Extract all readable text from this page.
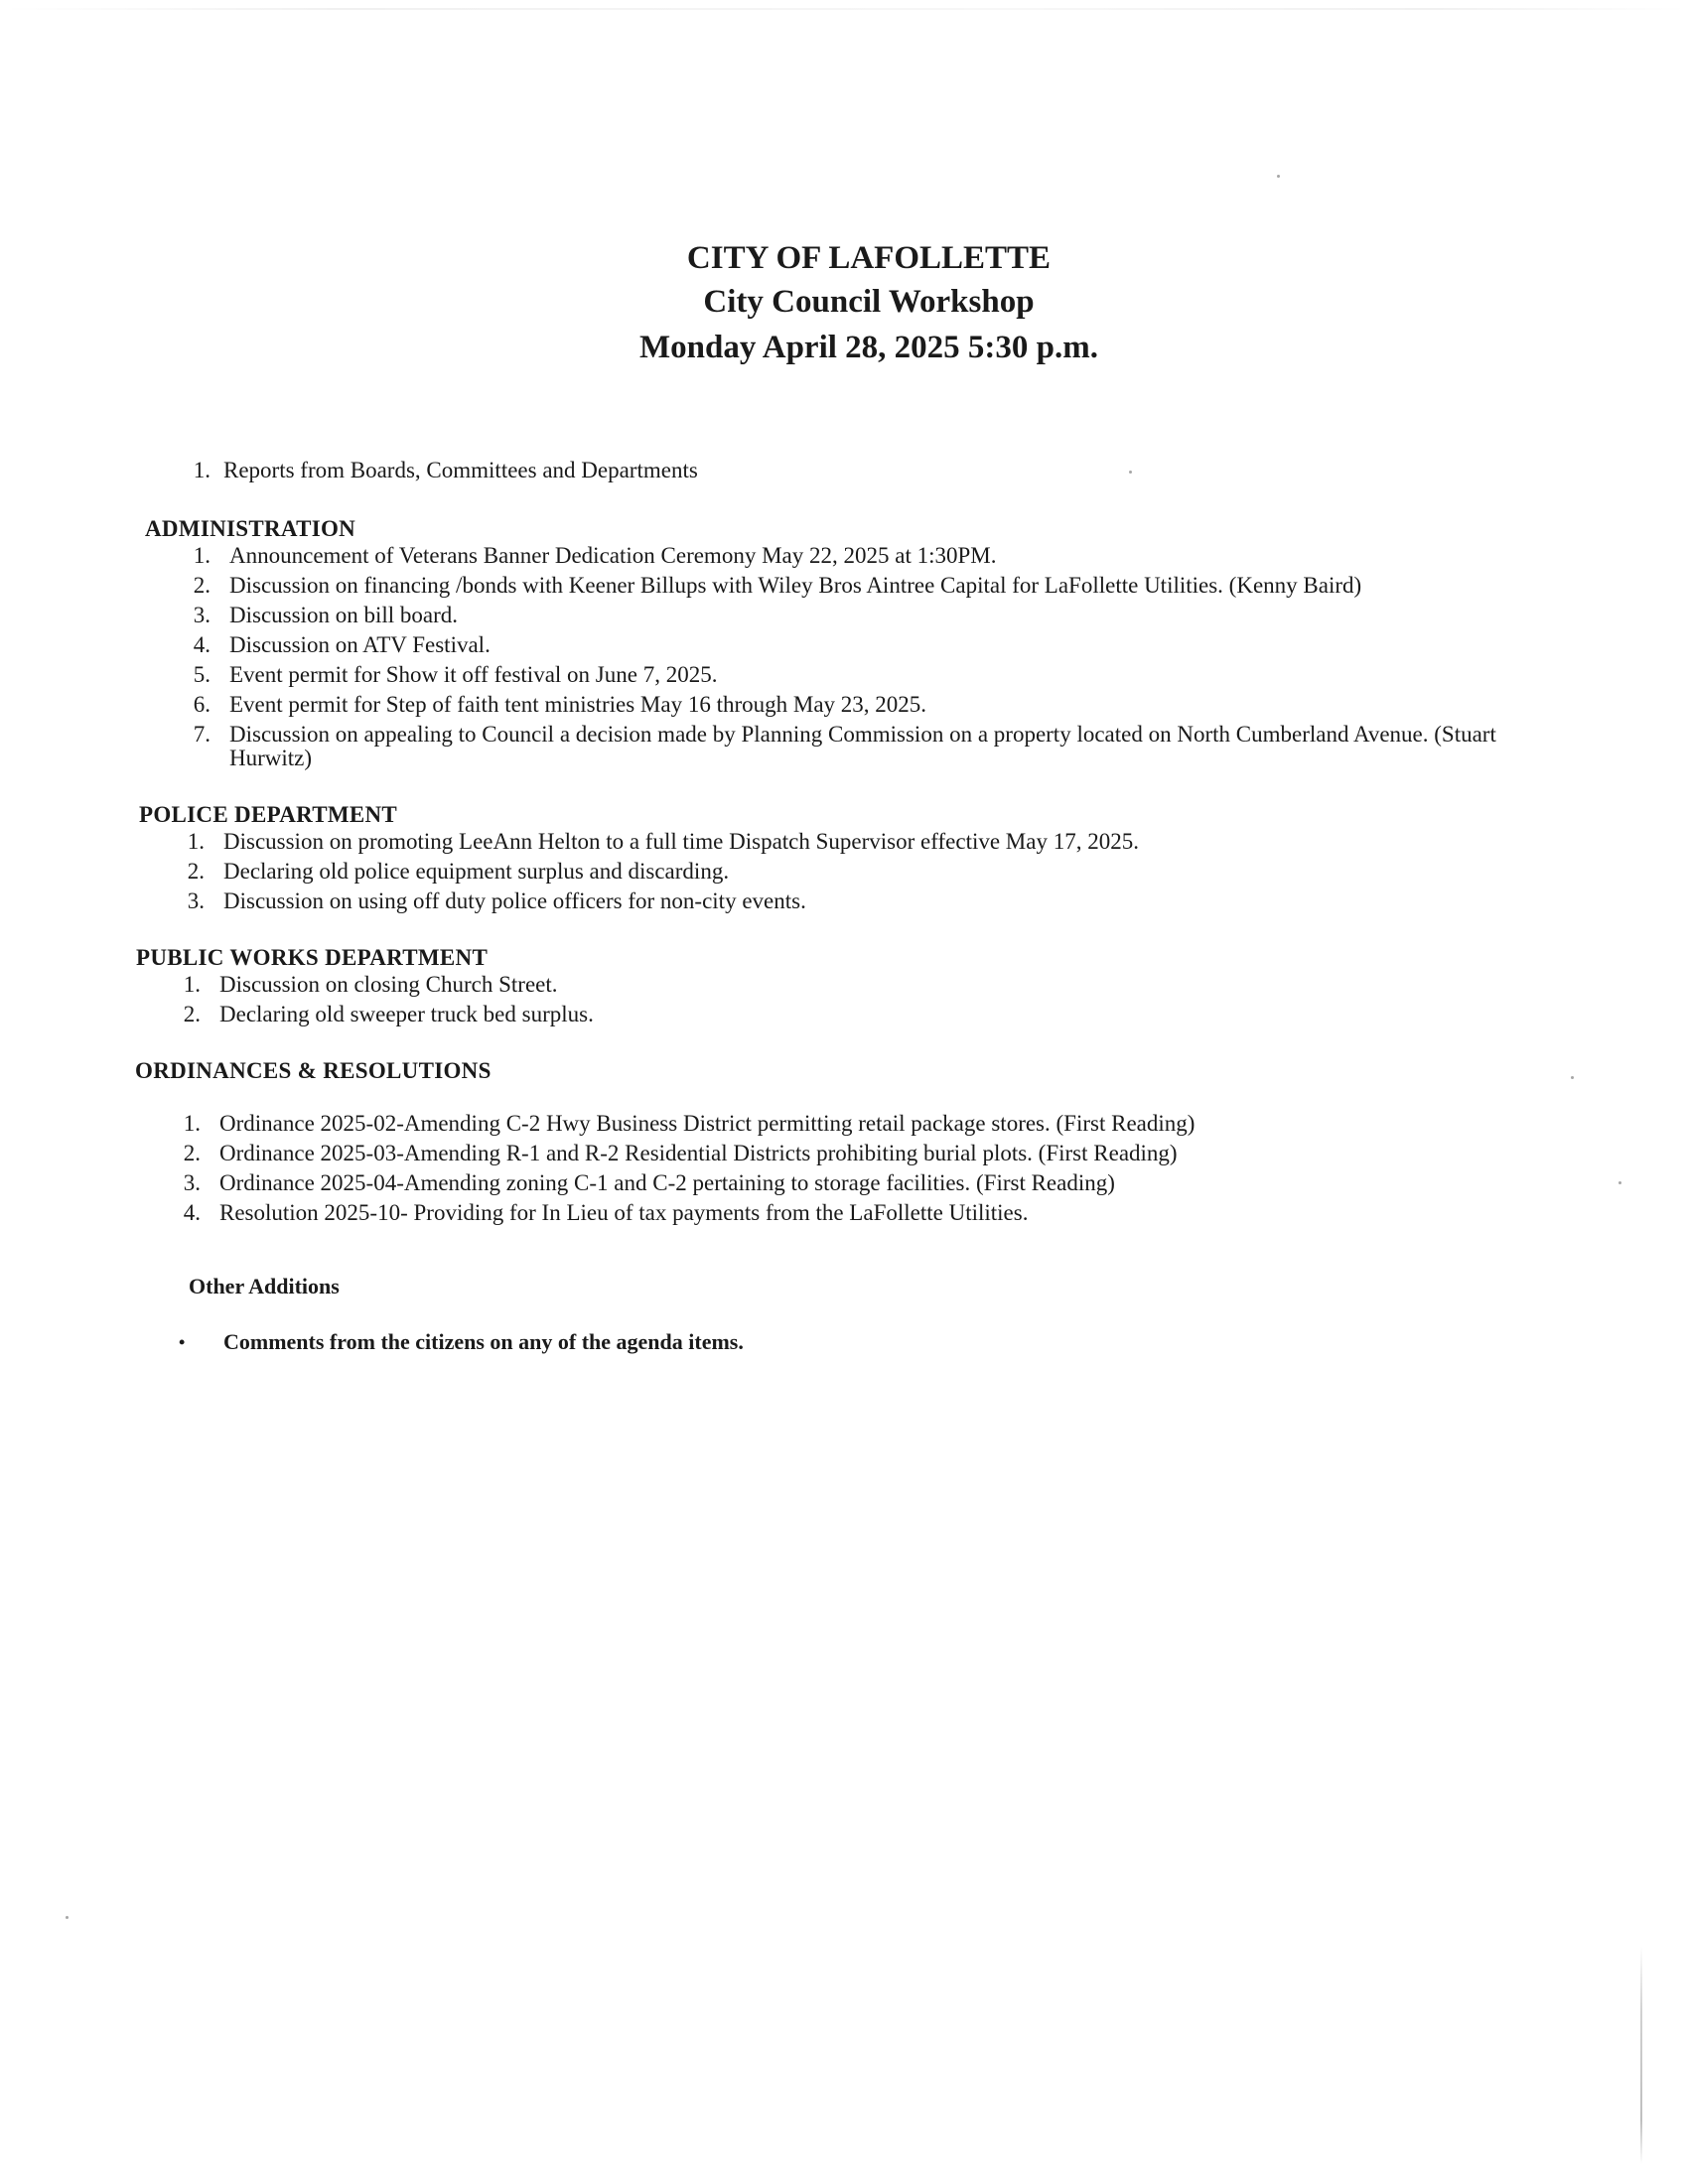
CITY OF LAFOLLETTE
City Council Workshop
Monday April 28, 2025 5:30 p.m.
1. Reports from Boards, Committees and Departments
ADMINISTRATION
1. Announcement of Veterans Banner Dedication Ceremony May 22, 2025 at 1:30PM.
2. Discussion on financing /bonds with Keener Billups with Wiley Bros Aintree Capital for LaFollette Utilities. (Kenny Baird)
3. Discussion on bill board.
4. Discussion on ATV Festival.
5. Event permit for Show it off festival on June 7, 2025.
6. Event permit for Step of faith tent ministries May 16 through May 23, 2025.
7. Discussion on appealing to Council a decision made by Planning Commission on a property located on North Cumberland Avenue. (Stuart Hurwitz)
POLICE DEPARTMENT
1. Discussion on promoting LeeAnn Helton to a full time Dispatch Supervisor effective May 17, 2025.
2. Declaring old police equipment surplus and discarding.
3. Discussion on using off duty police officers for non-city events.
PUBLIC WORKS DEPARTMENT
1. Discussion on closing Church Street.
2. Declaring old sweeper truck bed surplus.
ORDINANCES & RESOLUTIONS
1. Ordinance 2025-02-Amending C-2 Hwy Business District permitting retail package stores. (First Reading)
2. Ordinance 2025-03-Amending R-1 and R-2 Residential Districts prohibiting burial plots. (First Reading)
3. Ordinance 2025-04-Amending zoning C-1 and C-2 pertaining to storage facilities. (First Reading)
4. Resolution 2025-10- Providing for In Lieu of tax payments from the LaFollette Utilities.
Other Additions
• Comments from the citizens on any of the agenda items.
